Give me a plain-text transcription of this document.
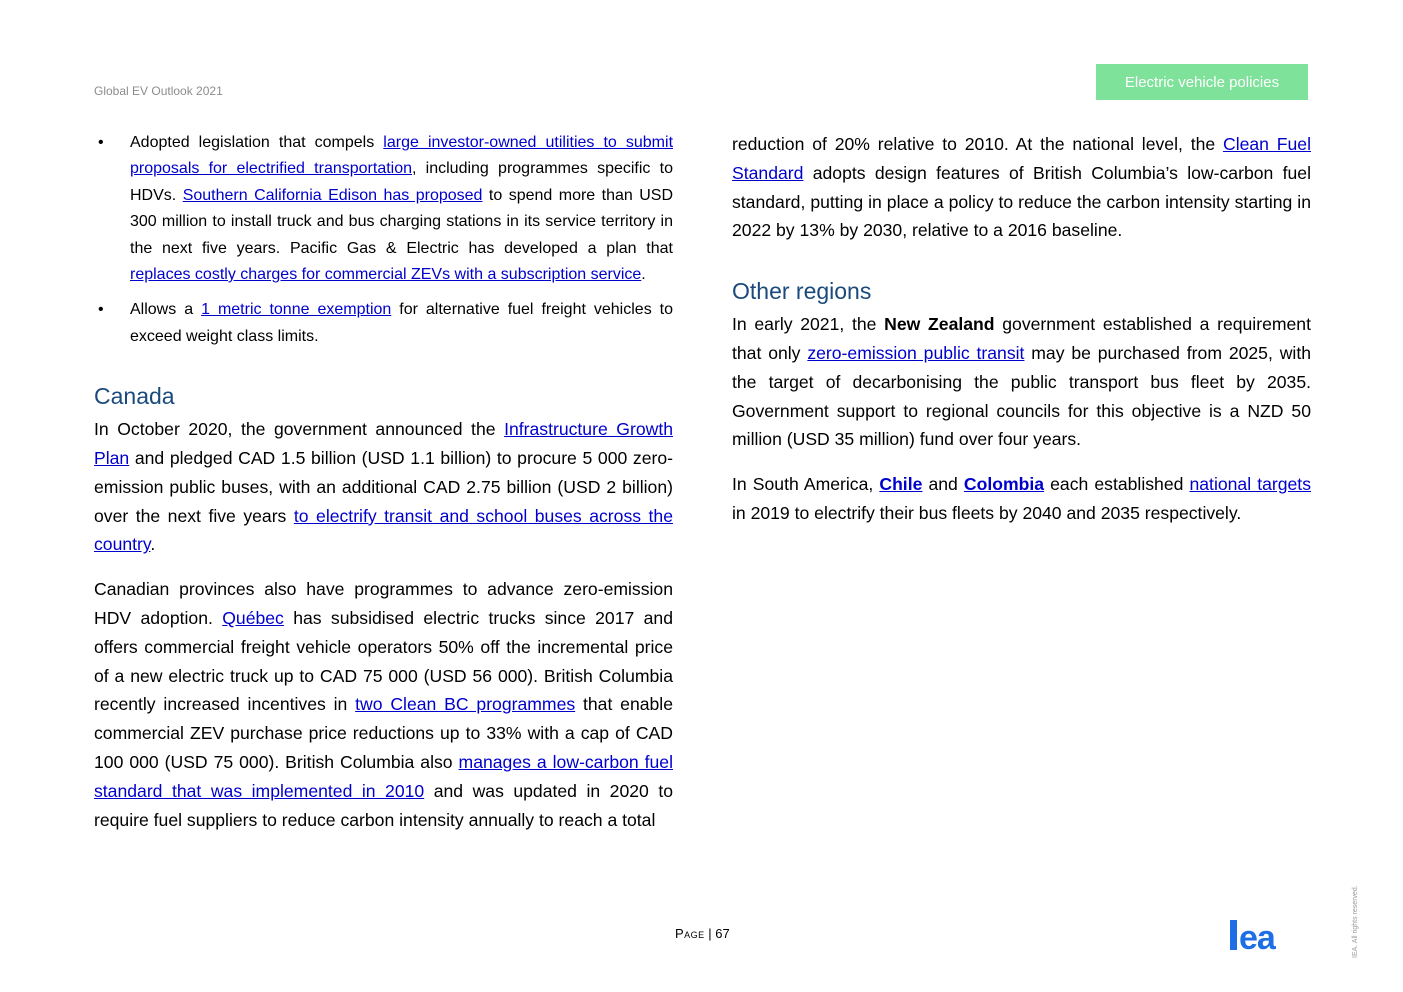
Global EV Outlook 2021
Electric vehicle policies
• Adopted legislation that compels large investor-owned utilities to submit proposals for electrified transportation, including programmes specific to HDVs. Southern California Edison has proposed to spend more than USD 300 million to install truck and bus charging stations in its service territory in the next five years. Pacific Gas & Electric has developed a plan that replaces costly charges for commercial ZEVs with a subscription service.
• Allows a 1 metric tonne exemption for alternative fuel freight vehicles to exceed weight class limits.
Canada

In October 2020, the government announced the Infrastructure Growth Plan and pledged CAD 1.5 billion (USD 1.1 billion) to procure 5 000 zero-emission public buses, with an additional CAD 2.75 billion (USD 2 billion) over the next five years to electrify transit and school buses across the country.

Canadian provinces also have programmes to advance zero-emission HDV adoption. Québec has subsidised electric trucks since 2017 and offers commercial freight vehicle operators 50% off the incremental price of a new electric truck up to CAD 75 000 (USD 56 000). British Columbia recently increased incentives in two Clean BC programmes that enable commercial ZEV purchase price reductions up to 33% with a cap of CAD 100 000 (USD 75 000). British Columbia also manages a low-carbon fuel standard that was implemented in 2010 and was updated in 2020 to require fuel suppliers to reduce carbon intensity annually to reach a total

reduction of 20% relative to 2010. At the national level, the Clean Fuel Standard adopts design features of British Columbia’s low-carbon fuel standard, putting in place a policy to reduce the carbon intensity starting in 2022 by 13% by 2030, relative to a 2016 baseline.

Other regions

In early 2021, the New Zealand government established a requirement that only zero-emission public transit may be purchased from 2025, with the target of decarbonising the public transport bus fleet by 2035. Government support to regional councils for this objective is a NZD 50 million (USD 35 million) fund over four years.

In South America, Chile and Colombia each established national targets in 2019 to electrify their bus fleets by 2040 and 2035 respectively.

Page | 67	ea	IEA. All rights reserved.
